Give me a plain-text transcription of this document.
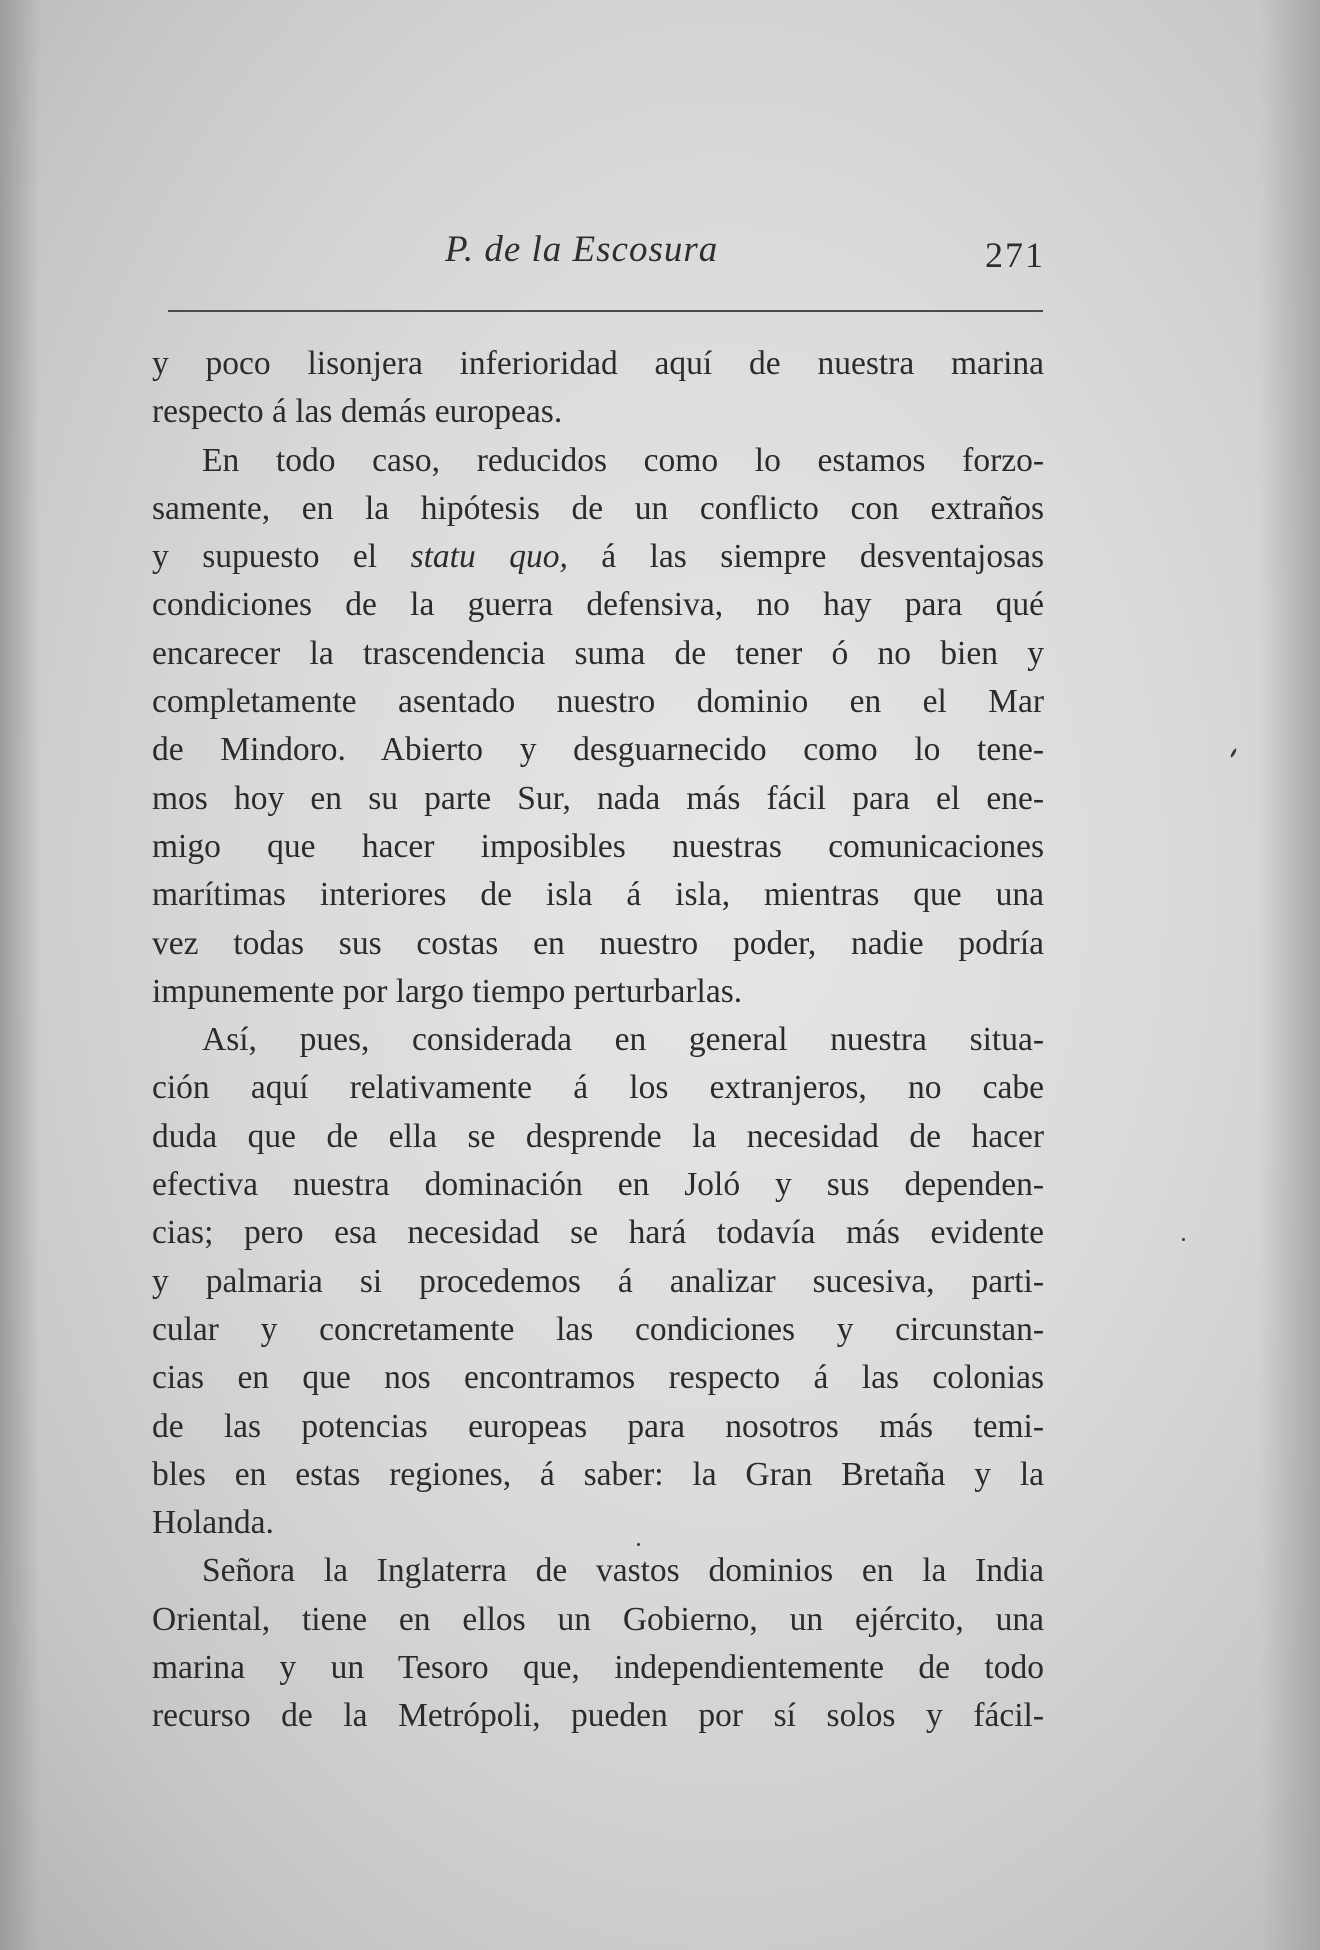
P. de la Escosura	271
y poco lisonjera inferioridad aquí de nuestra marina
respecto á las demás europeas.
En todo caso, reducidos como lo estamos forzo-
samente, en la hipótesis de un conflicto con extraños
y supuesto el statu quo, á las siempre desventajosas
condiciones de la guerra defensiva, no hay para qué
encarecer la trascendencia suma de tener ó no bien y
completamente asentado nuestro dominio en el Mar
de Mindoro. Abierto y desguarnecido como lo tene-
mos hoy en su parte Sur, nada más fácil para el ene-
migo que hacer imposibles nuestras comunicaciones
marítimas interiores de isla á isla, mientras que una
vez todas sus costas en nuestro poder, nadie podría
impunemente por largo tiempo perturbarlas.
Así, pues, considerada en general nuestra situa-
ción aquí relativamente á los extranjeros, no cabe
duda que de ella se desprende la necesidad de hacer
efectiva nuestra dominación en Joló y sus dependen-
cias; pero esa necesidad se hará todavía más evidente
y palmaria si procedemos á analizar sucesiva, parti-
cular y concretamente las condiciones y circunstan-
cias en que nos encontramos respecto á las colonias
de las potencias europeas para nosotros más temi-
bles en estas regiones, á saber: la Gran Bretaña y la
Holanda.
Señora la Inglaterra de vastos dominios en la India
Oriental, tiene en ellos un Gobierno, un ejército, una
marina y un Tesoro que, independientemente de todo
recurso de la Metrópoli, pueden por sí solos y fácil-
